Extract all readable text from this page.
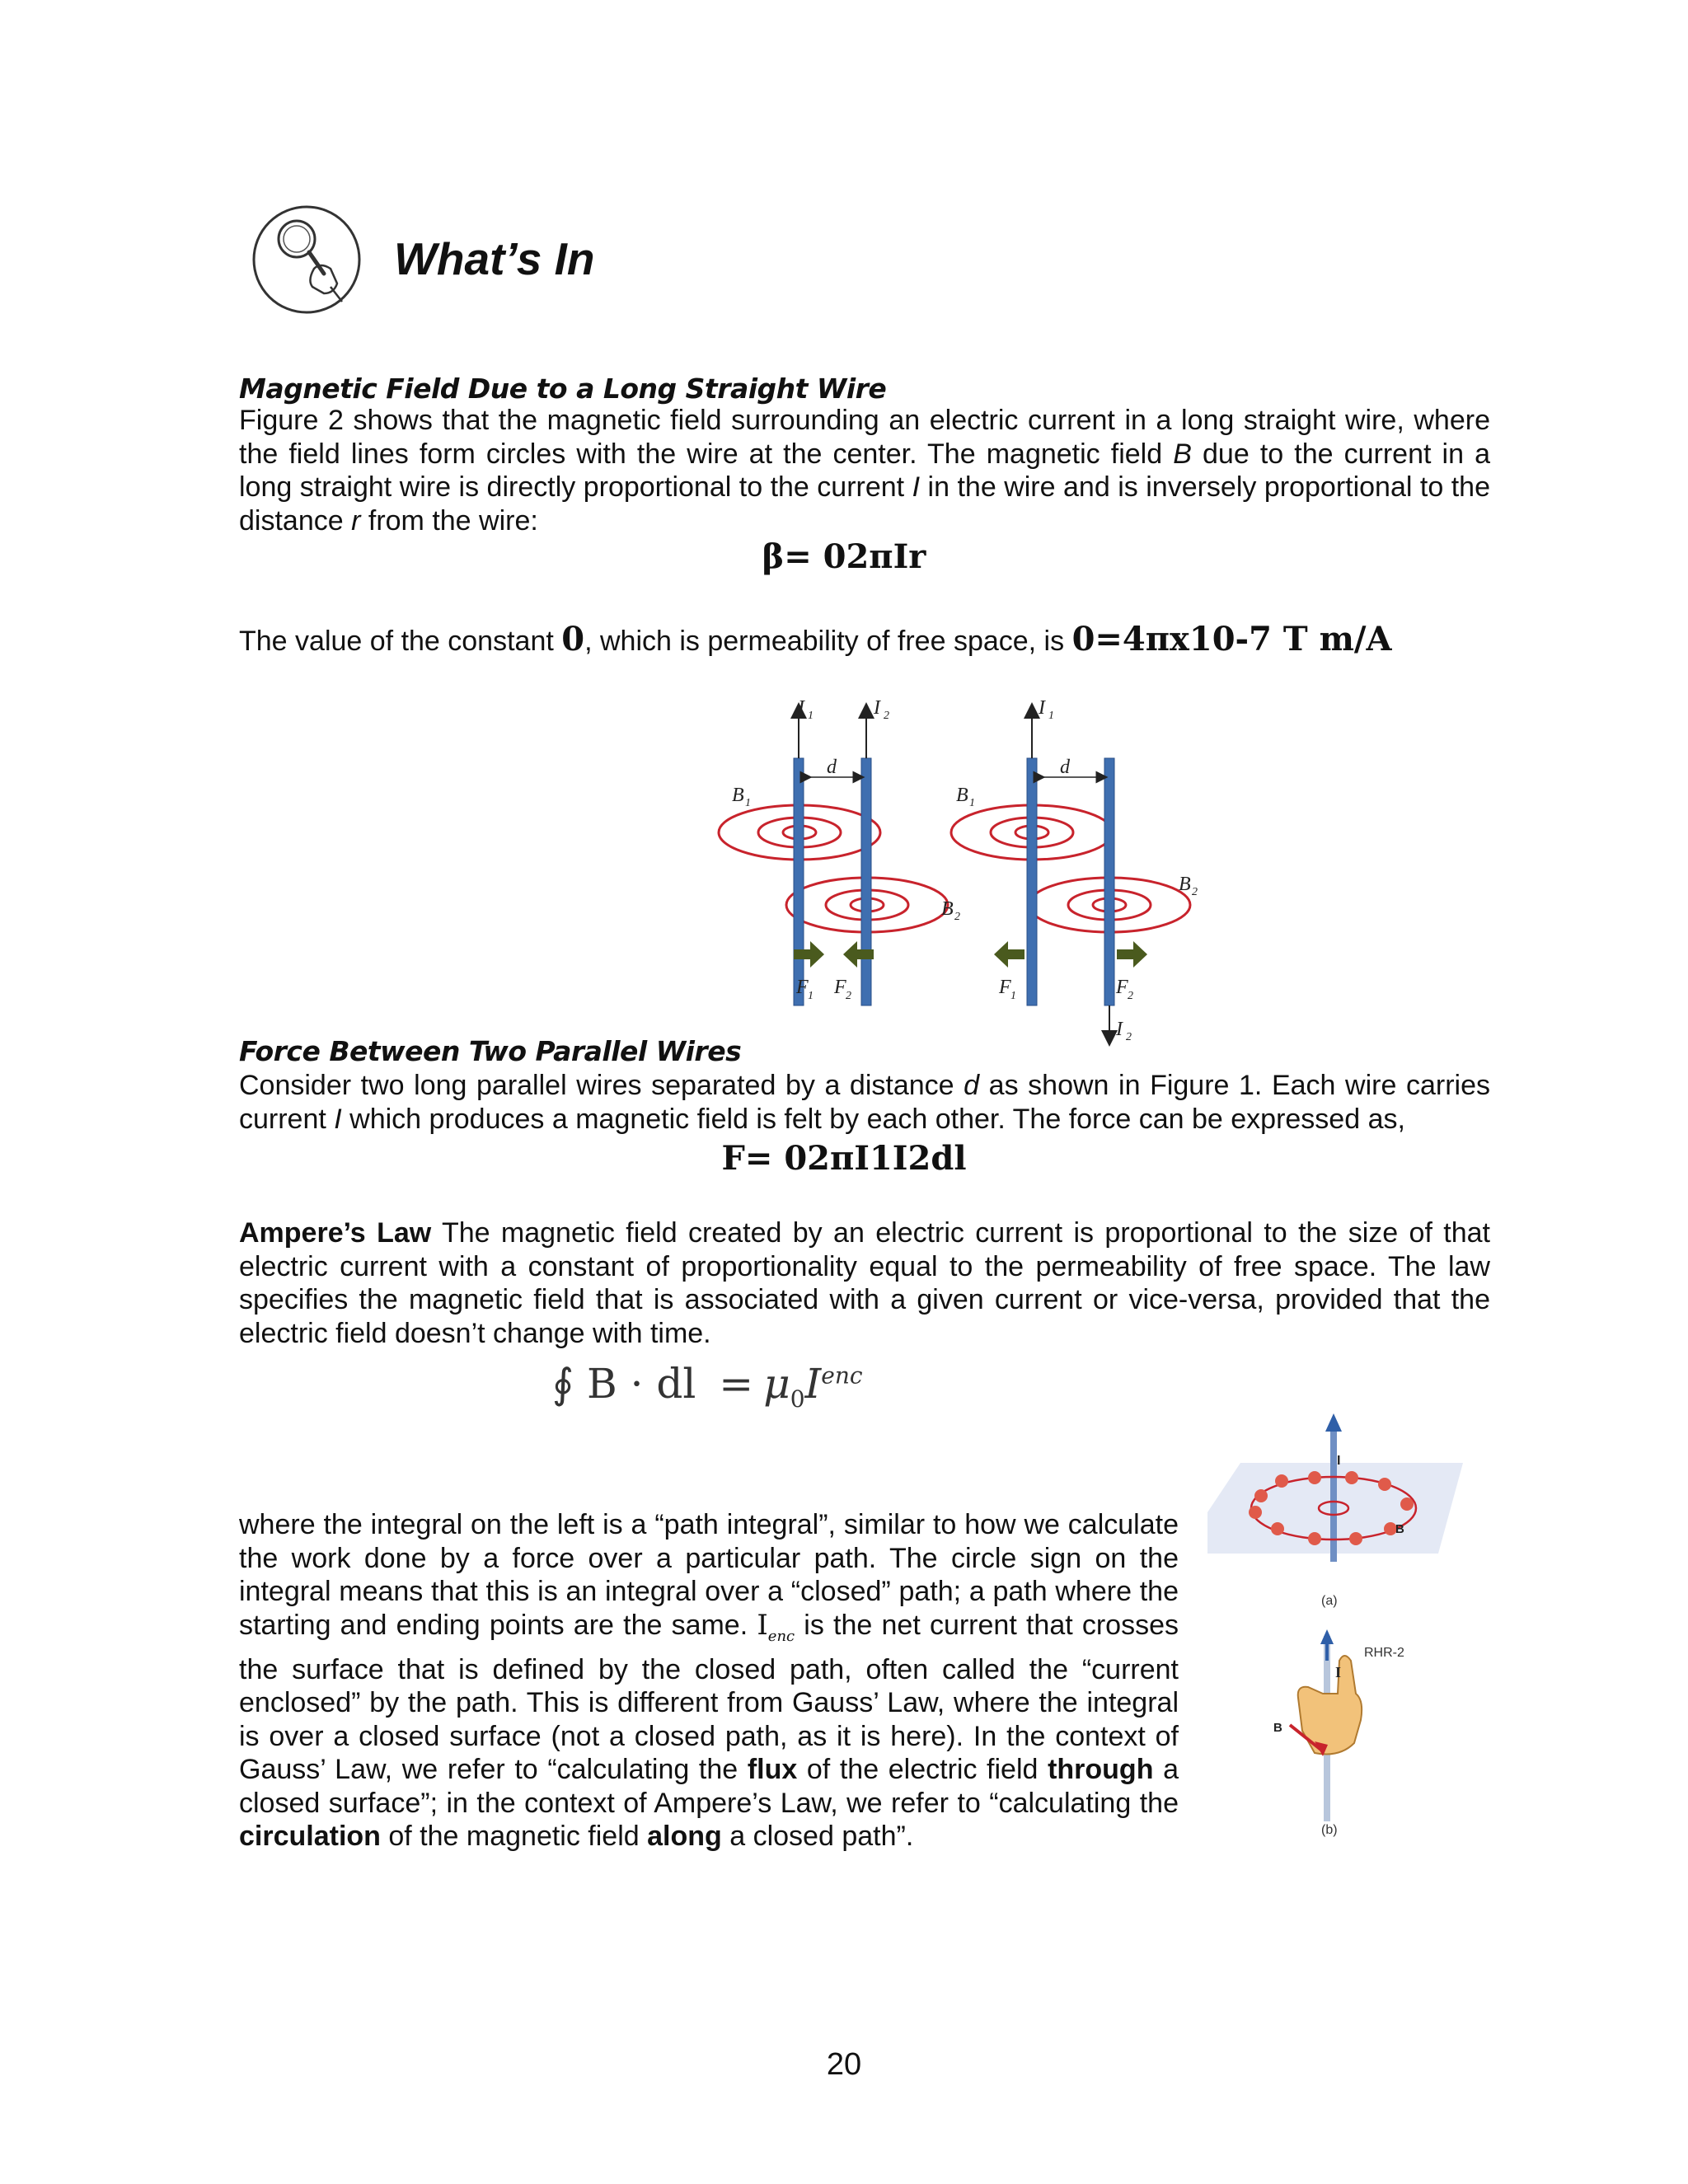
What’s In
Magnetic Field Due to a Long Straight Wire
Figure 2 shows that the magnetic field surrounding an electric current in a long straight wire, where the field lines form circles with the wire at the center. The magnetic field B due to the current in a long straight wire is directly proportional to the current I in the wire and is inversely proportional to the distance r from the wire:
β= 02πIr
The value of the constant 0, which is permeability of free space, is 0=4πx10-7 T m/A
I 1	I 2
d
B 1
B 2
F 1 F 2
I 1
d
B 1
B 2
F 1	F 2
I 2
Force Between Two Parallel Wires
Consider two long parallel wires separated by a distance d as shown in Figure 1. Each wire carries current I which produces a magnetic field is felt by each other. The force can be expressed as,
F= 02πI1I2dl
Ampere’s Law The magnetic field created by an electric current is proportional to the size of that electric current with a constant of proportionality equal to the permeability of free space. The law specifies the magnetic field that is associated with a given current or vice-versa, provided that the electric field doesn’t change with time.
∮ B · dl = $\mu_0I^{enc}$
where the integral on the left is a “path integral”, similar to how we calculate the work done by a force over a particular path. The circle sign on the integral means that this is an integral over a “closed” path; a path where the starting and ending points are the same. $I_{enc}$ is the net current that crosses the surface that is defined by the closed path, often called the “current enclosed” by the path. This is different from Gauss’ Law, where the integral is over a closed surface (not a closed path, as it is here). In the context of Gauss’ Law, we refer to “calculating the flux of the electric field through a closed surface”; in the context of Ampere’s Law, we refer to “calculating the circulation of the magnetic field along a closed path”.
I
B
(a)
I
B
RHR-2
(b)
20
